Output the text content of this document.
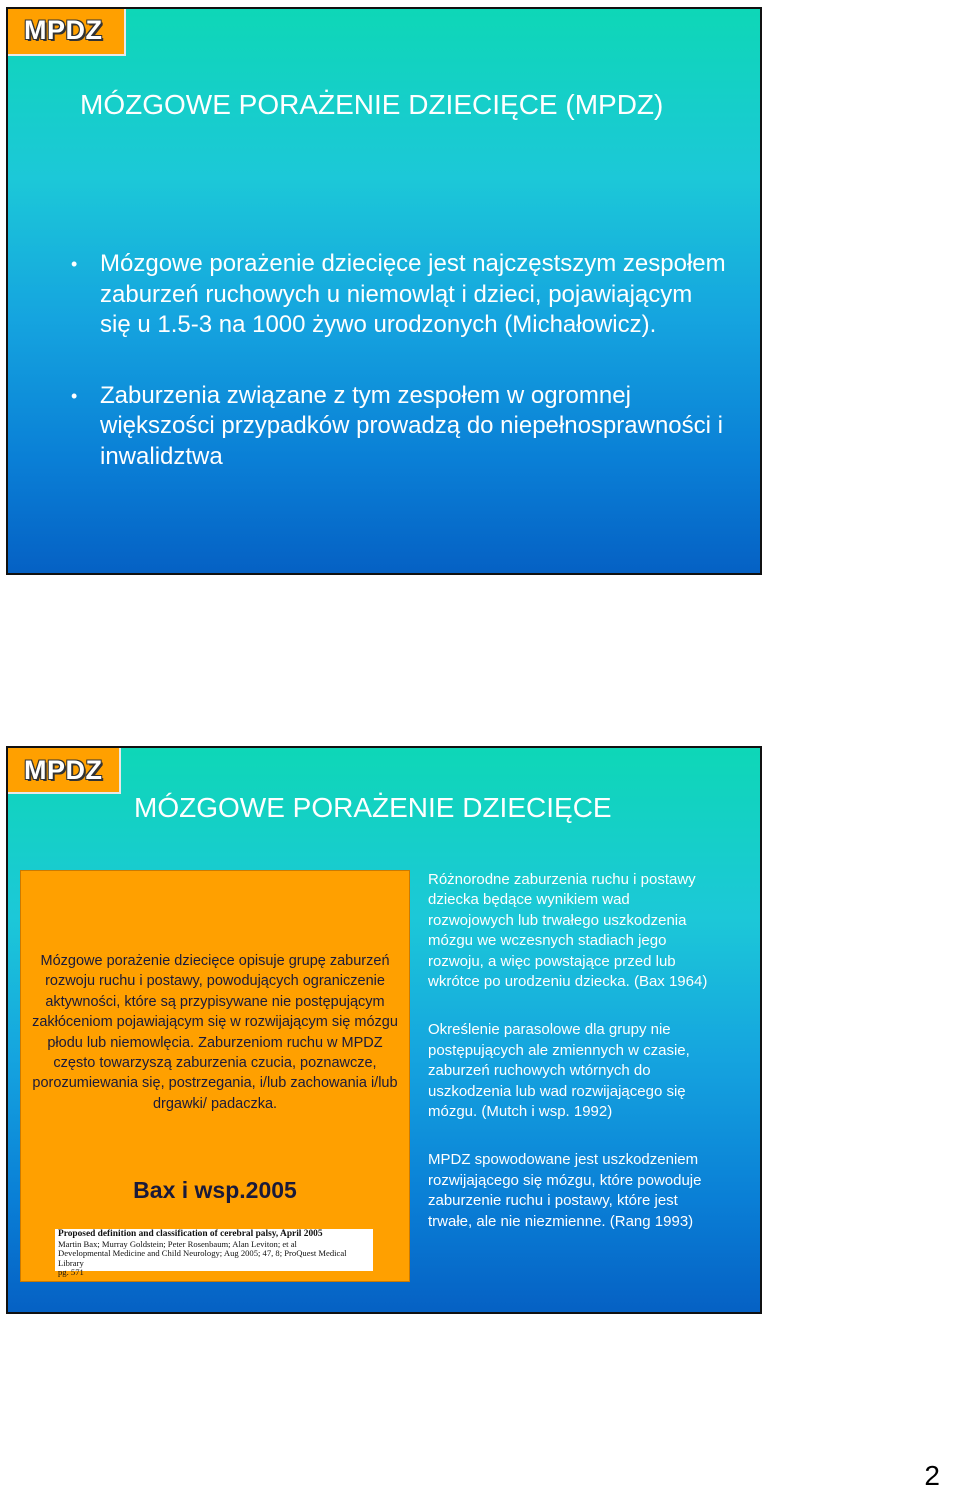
MPDZ
MÓZGOWE PORAŻENIE DZIECIĘCE (MPDZ)
• Mózgowe porażenie dziecięce jest najczęstszym zespołem zaburzeń ruchowych u niemowląt i dzieci, pojawiającym się u 1.5-3 na 1000 żywo urodzonych (Michałowicz).
• Zaburzenia związane z tym zespołem w ogromnej większości przypadków prowadzą do niepełnosprawności i inwalidztwa
MPDZ
MÓZGOWE PORAŻENIE DZIECIĘCE
Mózgowe porażenie dziecięce opisuje grupę zaburzeń rozwoju ruchu i postawy, powodujących ograniczenie aktywności, które są przypisywane nie postępującym zakłóceniom pojawiającym się w rozwijającym się mózgu płodu lub niemowlęcia. Zaburzeniom ruchu w MPDZ często towarzyszą zaburzenia czucia, poznawcze, porozumiewania się, postrzegania, i/lub zachowania i/lub drgawki/ padaczka.
Bax i wsp.2005
Proposed definition and classification of cerebral palsy, April 2005
Martin Bax; Murray Goldstein; Peter Rosenbaum; Alan Leviton; et al
Developmental Medicine and Child Neurology; Aug 2005; 47, 8; ProQuest Medical Library
pg. 571

Różnorodne zaburzenia ruchu i postawy dziecka będące wynikiem wad rozwojowych lub trwałego uszkodzenia mózgu we wczesnych stadiach jego rozwoju, a więc powstające przed lub wkrótce po urodzeniu dziecka. (Bax 1964)

Określenie parasolowe dla grupy nie postępujących ale zmiennych w czasie, zaburzeń ruchowych wtórnych do uszkodzenia lub wad rozwijającego się mózgu. (Mutch i wsp. 1992)

MPDZ spowodowane jest uszkodzeniem rozwijającego się mózgu, które powoduje zaburzenie ruchu i postawy, które jest trwałe, ale nie niezmienne. (Rang 1993)

2
